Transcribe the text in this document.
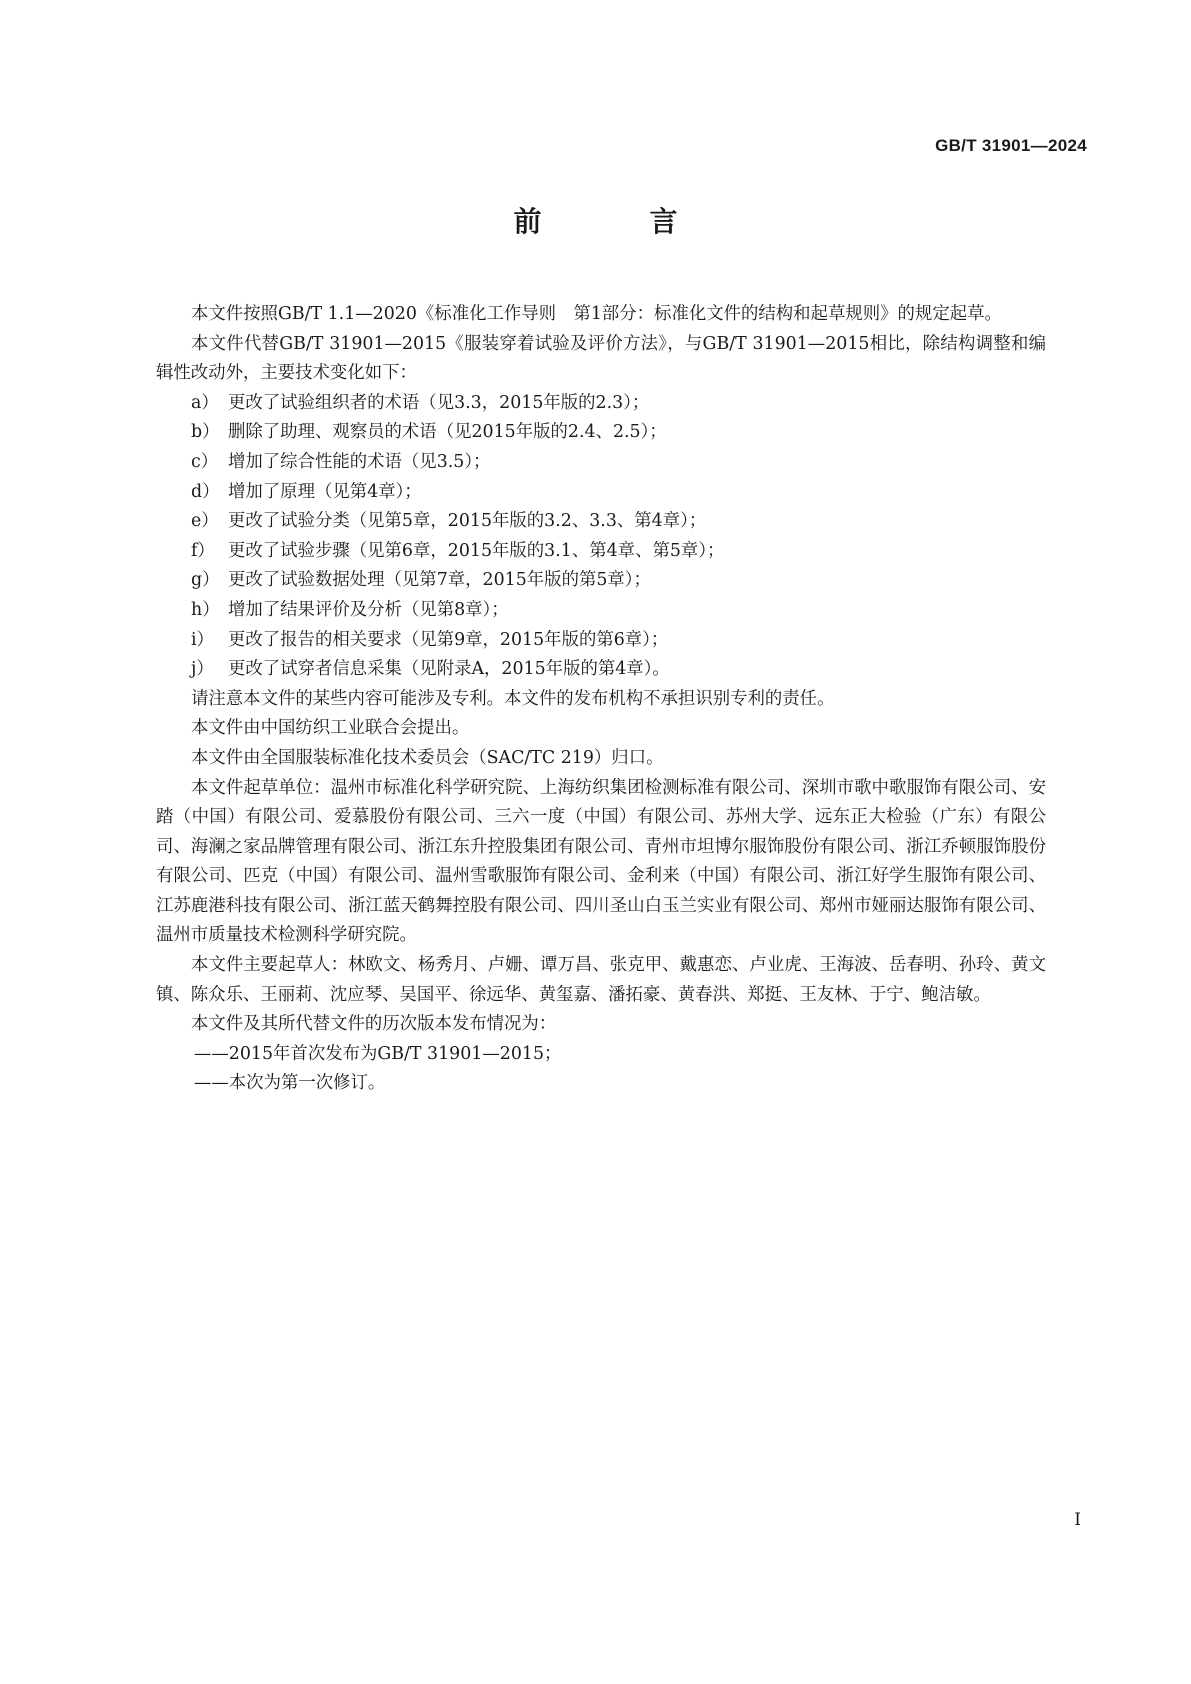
GB/T 31901—2024
前　言

本文件按照GB/T 1.1—2020《标准化工作导则　第1部分：标准化文件的结构和起草规则》的规定起草。

本文件代替GB/T 31901—2015《服装穿着试验及评价方法》，与GB/T 31901—2015相比，除结构调整和编辑性改动外，主要技术变化如下：

a） 更改了试验组织者的术语（见3.3，2015年版的2.3）；

b） 删除了助理、观察员的术语（见2015年版的2.4、2.5）；

c） 增加了综合性能的术语（见3.5）；

d） 增加了原理（见第4章）；

e） 更改了试验分类（见第5章，2015年版的3.2、3.3、第4章）；

f） 更改了试验步骤（见第6章，2015年版的3.1、第4章、第5章）；

g） 更改了试验数据处理（见第7章，2015年版的第5章）；

h） 增加了结果评价及分析（见第8章）；

i） 更改了报告的相关要求（见第9章，2015年版的第6章）；

j） 更改了试穿者信息采集（见附录A，2015年版的第4章）。

请注意本文件的某些内容可能涉及专利。本文件的发布机构不承担识别专利的责任。

本文件由中国纺织工业联合会提出。

本文件由全国服装标准化技术委员会（SAC/TC 219）归口。

本文件起草单位：温州市标准化科学研究院、上海纺织集团检测标准有限公司、深圳市歌中歌服饰有限公司、安踏（中国）有限公司、爱慕股份有限公司、三六一度（中国）有限公司、苏州大学、远东正大检验（广东）有限公司、海澜之家品牌管理有限公司、浙江东升控股集团有限公司、青州市坦博尔服饰股份有限公司、浙江乔顿服饰股份有限公司、匹克（中国）有限公司、温州雪歌服饰有限公司、金利来（中国）有限公司、浙江好学生服饰有限公司、江苏鹿港科技有限公司、浙江蓝天鹤舞控股有限公司、四川圣山白玉兰实业有限公司、郑州市娅丽达服饰有限公司、温州市质量技术检测科学研究院。

本文件主要起草人：林欧文、杨秀月、卢姗、谭万昌、张克甲、戴惠恋、卢业虎、王海波、岳春明、孙玲、黄文镇、陈众乐、王丽莉、沈应琴、吴国平、徐远华、黄玺嘉、潘拓豪、黄春洪、郑挺、王友林、于宁、鲍洁敏。

本文件及其所代替文件的历次版本发布情况为：

——2015年首次发布为GB/T 31901—2015；

——本次为第一次修订。

I
